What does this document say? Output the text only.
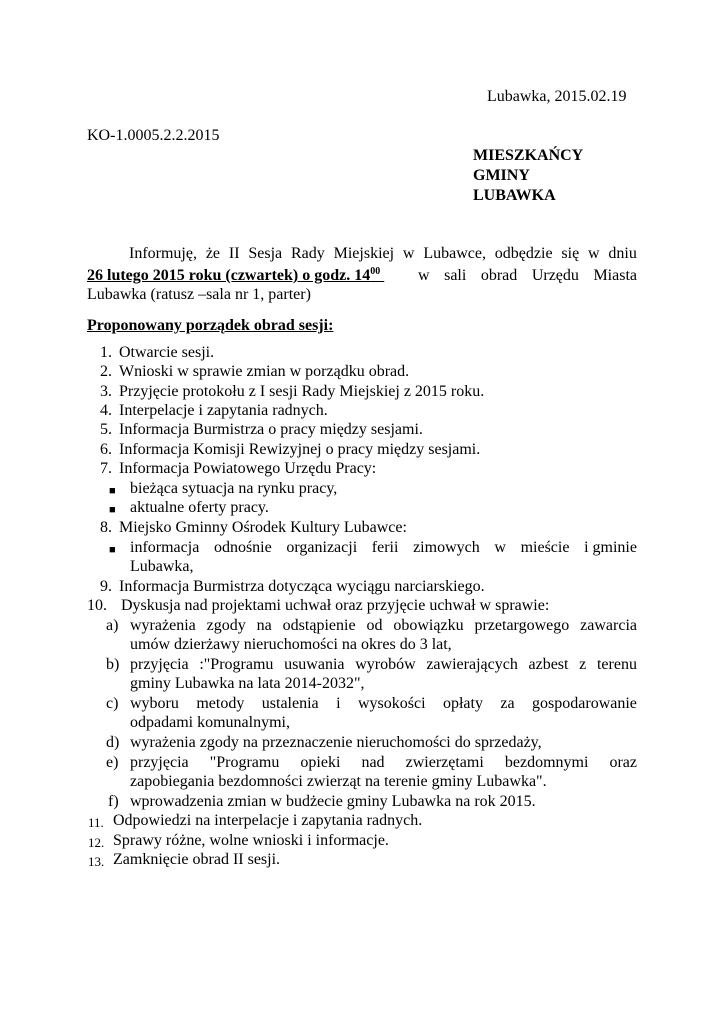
Lubawka, 2015.02.19
KO-1.0005.2.2.2015
MIESZKAŃCY
GMINY
LUBAWKA
Informuję, że II Sesja Rady Miejskiej w Lubawce, odbędzie się w dniu
26 lutego 2015 roku (czwartek) o godz. $14^{00}$ w sali obrad Urzędu Miasta
Lubawka (ratusz –sala nr 1, parter)
Proponowany porządek obrad sesji:
1. Otwarcie sesji.
2. Wnioski w sprawie zmian w porządku obrad.
3. Przyjęcie protokołu z I sesji Rady Miejskiej z 2015 roku.
4. Interpelacje i zapytania radnych.
5. Informacja Burmistrza o pracy między sesjami.
6. Informacja Komisji Rewizyjnej o pracy między sesjami.
7. Informacja Powiatowego Urzędu Pracy:
■ bieżąca sytuacja na rynku pracy,
■ aktualne oferty pracy.
8. Miejsko Gminny Ośrodek Kultury Lubawce:
■ informacja odnośnie organizacji ferii zimowych w mieście i gminie
Lubawka,
9. Informacja Burmistrza dotycząca wyciągu narciarskiego.
10. Dyskusja nad projektami uchwał oraz przyjęcie uchwał w sprawie:
a) wyrażenia zgody na odstąpienie od obowiązku przetargowego zawarcia
umów dzierżawy nieruchomości na okres do 3 lat,
b) przyjęcia :"Programu usuwania wyrobów zawierających azbest z terenu
gminy Lubawka na lata 2014-2032",
c) wyboru metody ustalenia i wysokości opłaty za gospodarowanie
odpadami komunalnymi,
d) wyrażenia zgody na przeznaczenie nieruchomości do sprzedaży,
e) przyjęcia "Programu opieki nad zwierzętami bezdomnymi oraz
zapobiegania bezdomności zwierząt na terenie gminy Lubawka".
f) wprowadzenia zmian w budżecie gminy Lubawka na rok 2015.
11. Odpowiedzi na interpelacje i zapytania radnych.
12. Sprawy różne, wolne wnioski i informacje.
13. Zamknięcie obrad II sesji.
